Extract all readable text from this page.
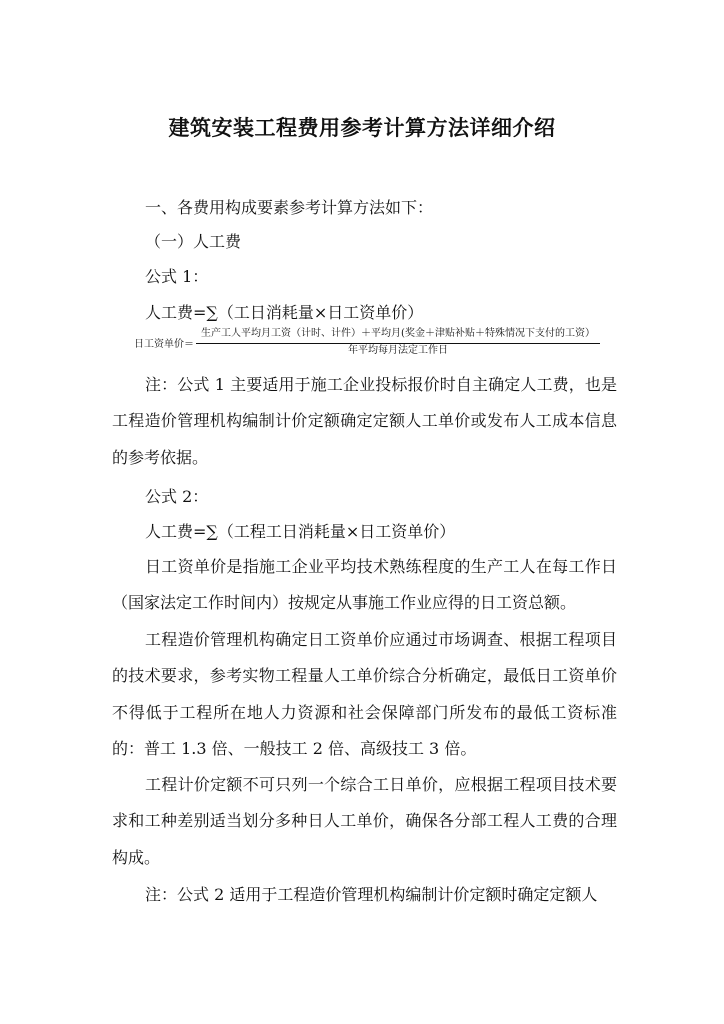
建筑安装工程费用参考计算方法详细介绍
一、各费用构成要素参考计算方法如下：
（一）人工费
公式 1：
人工费=∑（工日消耗量×日工资单价）
日工资单价＝
生产工人平均月工资（计时、计件）＋平均月(奖金＋津贴补贴＋特殊情况下支付的工资）
年平均每月法定工作日
注：公式 1 主要适用于施工企业投标报价时自主确定人工费，也是工程造价管理机构编制计价定额确定定额人工单价或发布人工成本信息的参考依据。
公式 2：
人工费=∑（工程工日消耗量×日工资单价）
日工资单价是指施工企业平均技术熟练程度的生产工人在每工作日（国家法定工作时间内）按规定从事施工作业应得的日工资总额。
工程造价管理机构确定日工资单价应通过市场调查、根据工程项目的技术要求，参考实物工程量人工单价综合分析确定，最低日工资单价不得低于工程所在地人力资源和社会保障部门所发布的最低工资标准的：普工 1.3 倍、一般技工 2 倍、高级技工 3 倍。
工程计价定额不可只列一个综合工日单价，应根据工程项目技术要求和工种差别适当划分多种日人工单价，确保各分部工程人工费的合理构成。
注：公式 2 适用于工程造价管理机构编制计价定额时确定定额人
